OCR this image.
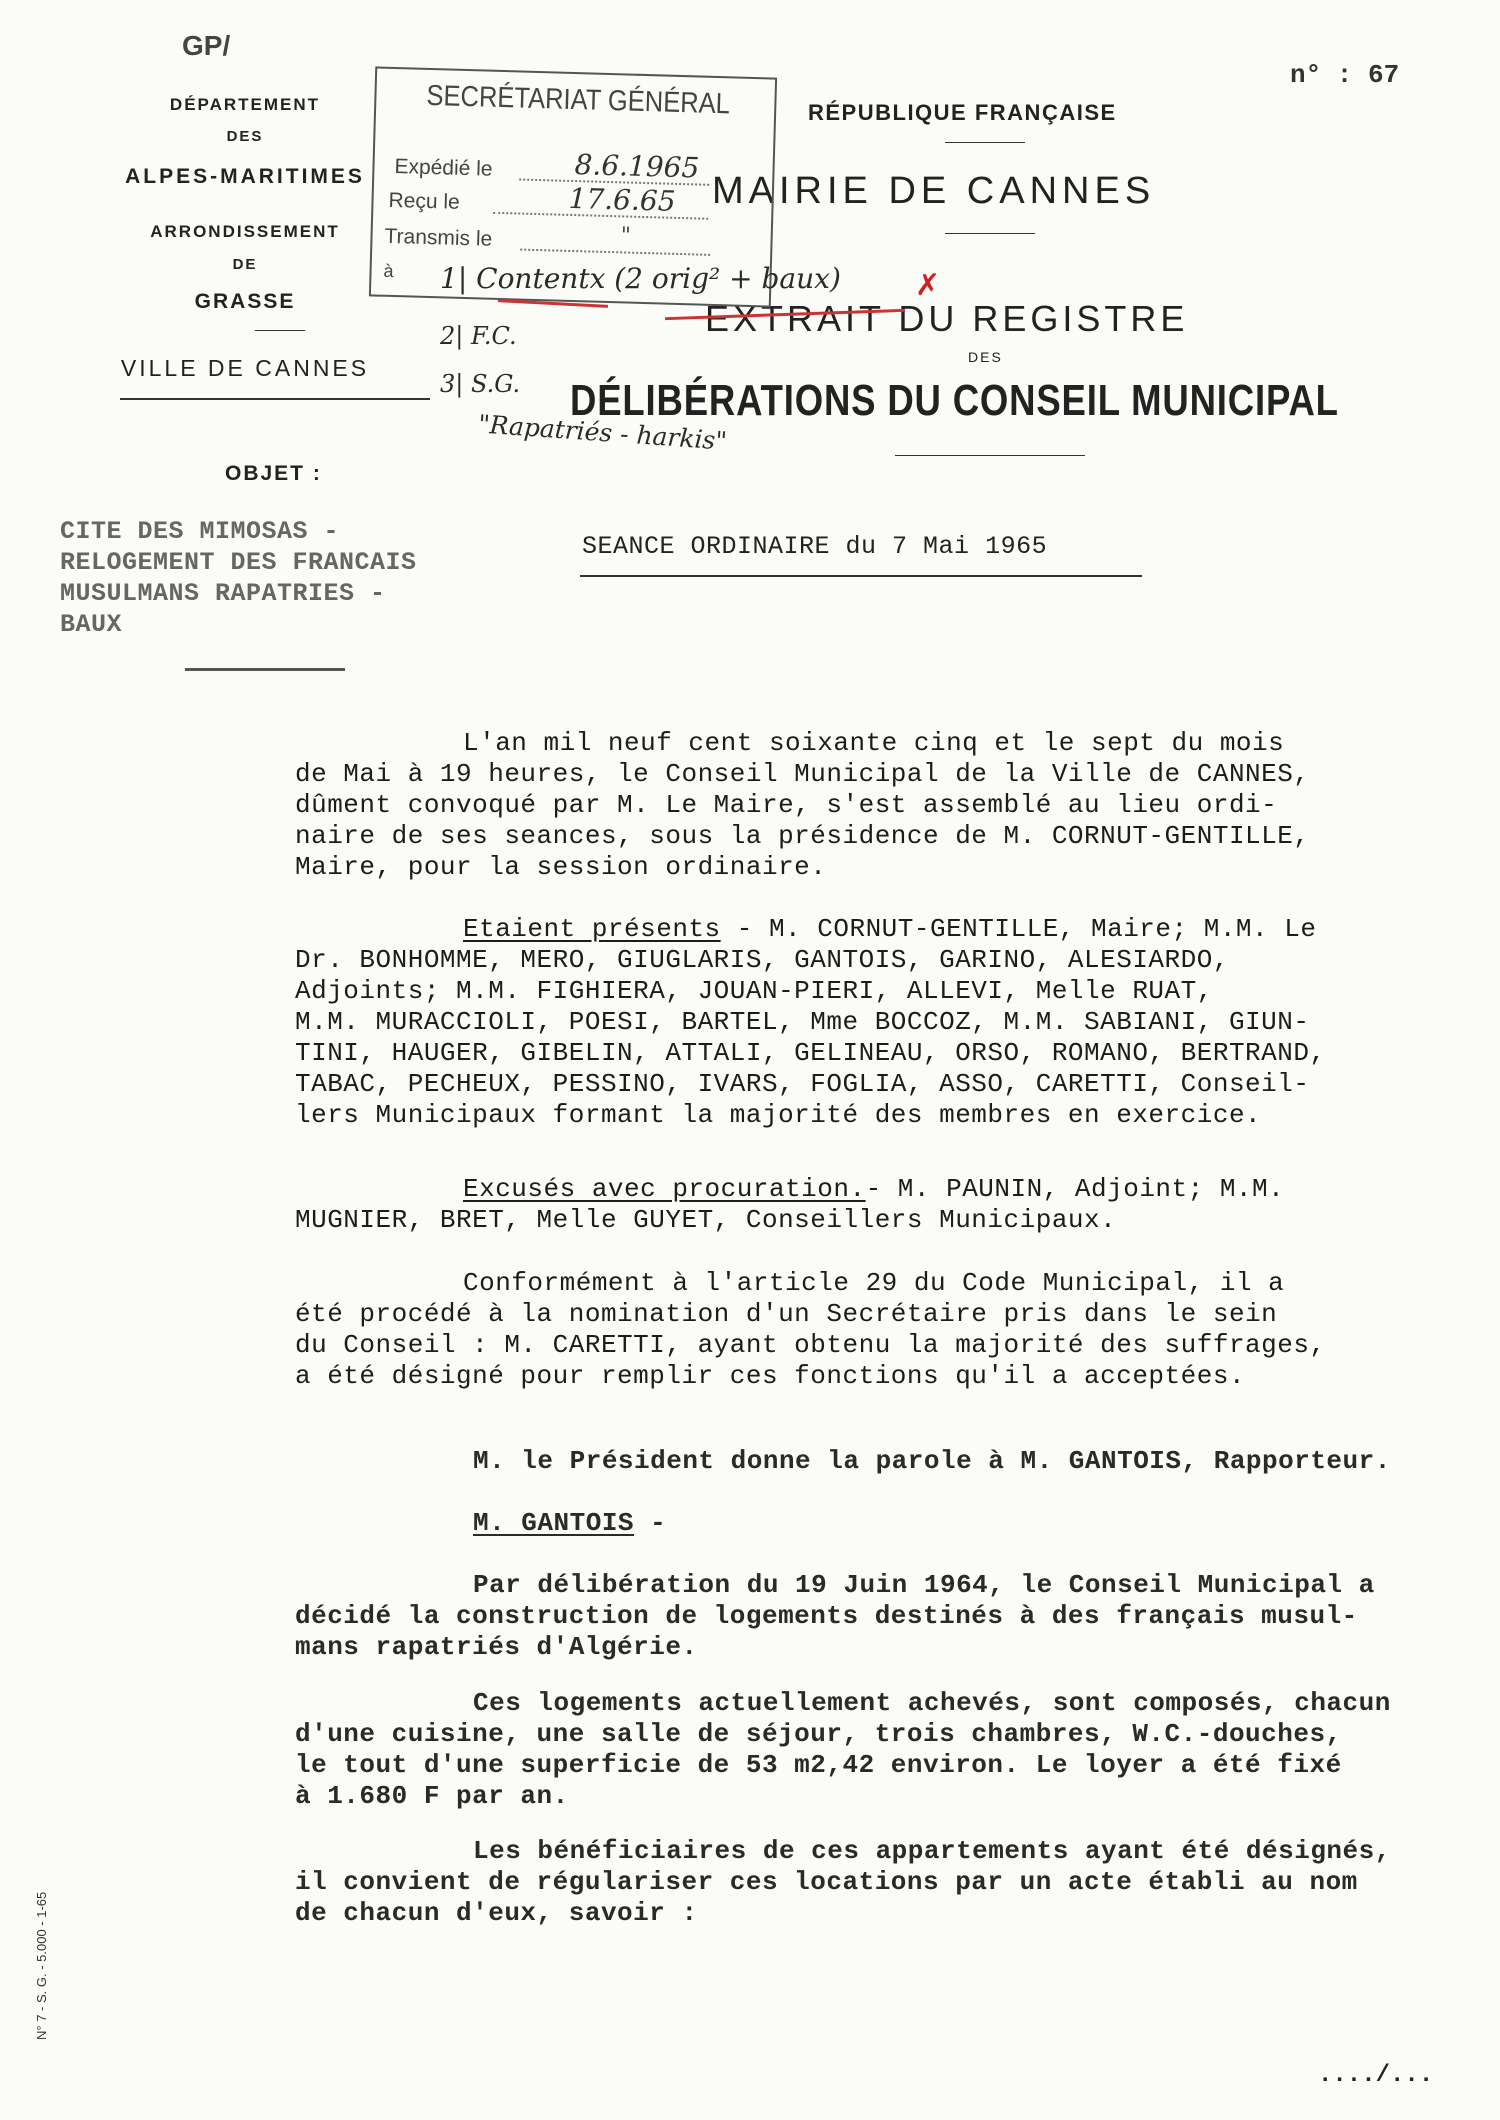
GP/
n° : 67
DÉPARTEMENT
DES
ALPES-MARITIMES
ARRONDISSEMENT
DE
GRASSE
VILLE DE CANNES
OBJET :
CITE DES MIMOSAS -
RELOGEMENT DES FRANCAIS
MUSULMANS RAPATRIES -
BAUX
RÉPUBLIQUE FRANÇAISE
MAIRIE DE CANNES
EXTRAIT DU REGISTRE
DES
DÉLIBÉRATIONS DU CONSEIL MUNICIPAL
SEANCE ORDINAIRE du 7 Mai 1965
SECRÉTARIAT GÉNÉRAL
Expédié le	8.6.1965
Reçu le	17.6.65
Transmis le	"
à 1| Contentx (2 orig² + baux) ✗
2| F.C.
3| S.G.
"Rapatriés - harkis"
L'an mil neuf cent soixante cinq et le sept du mois
de Mai à 19 heures, le Conseil Municipal de la Ville de CANNES,
dûment convoqué par M. Le Maire, s'est assemblé au lieu ordi-
naire de ses seances, sous la présidence de M. CORNUT-GENTILLE,
Maire, pour la session ordinaire.
Etaient présents - M. CORNUT-GENTILLE, Maire; M.M. Le
Dr. BONHOMME, MERO, GIUGLARIS, GANTOIS, GARINO, ALESIARDO,
Adjoints; M.M. FIGHIERA, JOUAN-PIERI, ALLEVI, Melle RUAT,
M.M. MURACCIOLI, POESI, BARTEL, Mme BOCCOZ, M.M. SABIANI, GIUN-
TINI, HAUGER, GIBELIN, ATTALI, GELINEAU, ORSO, ROMANO, BERTRAND,
TABAC, PECHEUX, PESSINO, IVARS, FOGLIA, ASSO, CARETTI, Conseil-
lers Municipaux formant la majorité des membres en exercice.
Excusés avec procuration.- M. PAUNIN, Adjoint; M.M.
MUGNIER, BRET, Melle GUYET, Conseillers Municipaux.
Conformément à l'article 29 du Code Municipal, il a
été procédé à la nomination d'un Secrétaire pris dans le sein
du Conseil : M. CARETTI, ayant obtenu la majorité des suffrages,
a été désigné pour remplir ces fonctions qu'il a acceptées.
M. le Président donne la parole à M. GANTOIS, Rapporteur.
M. GANTOIS -
Par délibération du 19 Juin 1964, le Conseil Municipal a
décidé la construction de logements destinés à des français musul-
mans rapatriés d'Algérie.
Ces logements actuellement achevés, sont composés, chacun
d'une cuisine, une salle de séjour, trois chambres, W.C.-douches,
le tout d'une superficie de 53 m2,42 environ. Le loyer a été fixé
à 1.680 F par an.
Les bénéficiaires de ces appartements ayant été désignés,
il convient de régulariser ces locations par un acte établi au nom
de chacun d'eux, savoir :
..../...
N° 7 - S. G. - 5.000 - 1-65
